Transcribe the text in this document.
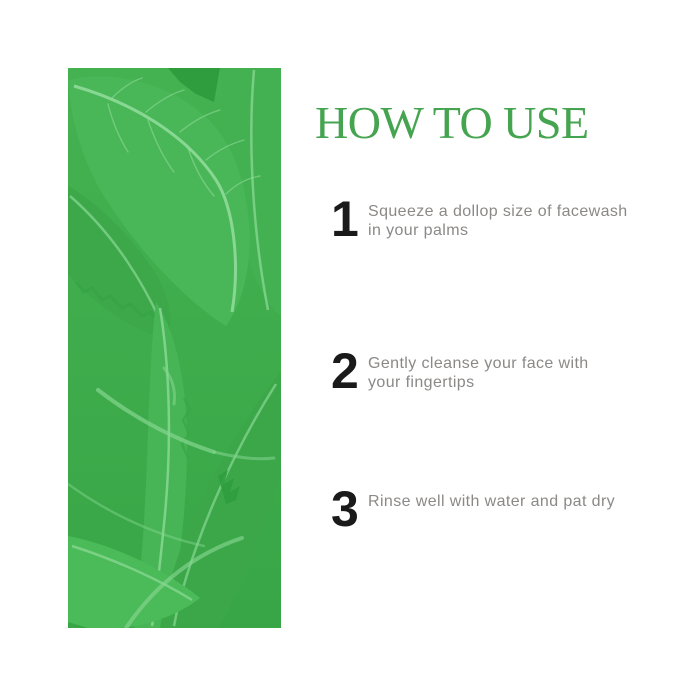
HOW TO USE
1 Squeeze a dollop size of facewash
in your palms
2 Gently cleanse your face with
your fingertips
3 Rinse well with water and pat dry
